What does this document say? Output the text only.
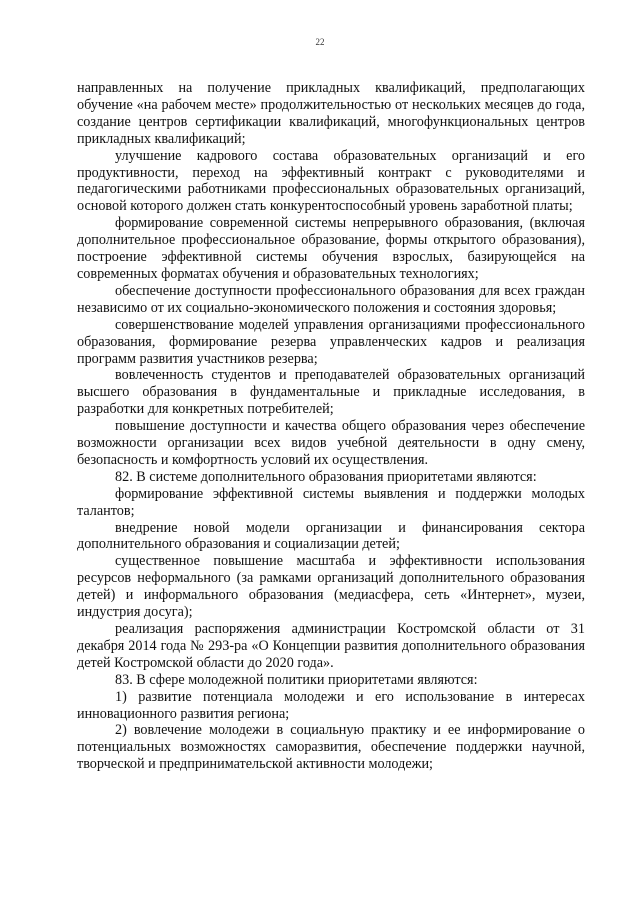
22

направленных на получение прикладных квалификаций, предполагающих обучение «на рабочем месте» продолжительностью от нескольких месяцев до года, создание центров сертификации квалификаций, многофункциональных центров прикладных квалификаций;

улучшение кадрового состава образовательных организаций и его продуктивности, переход на эффективный контракт с руководителями и педагогическими работниками профессиональных образовательных организаций, основой которого должен стать конкурентоспособный уровень заработной платы;

формирование современной системы непрерывного образования, (включая дополнительное профессиональное образование, формы открытого образования), построение эффективной системы обучения взрослых, базирующейся на современных форматах обучения и образовательных технологиях;

обеспечение доступности профессионального образования для всех граждан независимо от их социально-экономического положения и состояния здоровья;

совершенствование моделей управления организациями профессионального образования, формирование резерва управленческих кадров и реализация программ развития участников резерва;

вовлеченность студентов и преподавателей образовательных организаций высшего образования в фундаментальные и прикладные исследования, в разработки для конкретных потребителей;

повышение доступности и качества общего образования через обеспечение возможности организации всех видов учебной деятельности в одну смену, безопасность и комфортность условий их осуществления.

82. В системе дополнительного образования приоритетами являются:

формирование эффективной системы выявления и поддержки молодых талантов;

внедрение новой модели организации и финансирования сектора дополнительного образования и социализации детей;

существенное повышение масштаба и эффективности использования ресурсов неформального (за рамками организаций дополнительного образования детей) и информального образования (медиасфера, сеть «Интернет», музеи, индустрия досуга);

реализация распоряжения администрации Костромской области от 31 декабря 2014 года № 293-ра «О Концепции развития дополнительного образования детей Костромской области до 2020 года».

83. В сфере молодежной политики приоритетами являются:

1) развитие потенциала молодежи и его использование в интересах инновационного развития региона;

2) вовлечение молодежи в социальную практику и ее информирование о потенциальных возможностях саморазвития, обеспечение поддержки научной, творческой и предпринимательской активности молодежи;
